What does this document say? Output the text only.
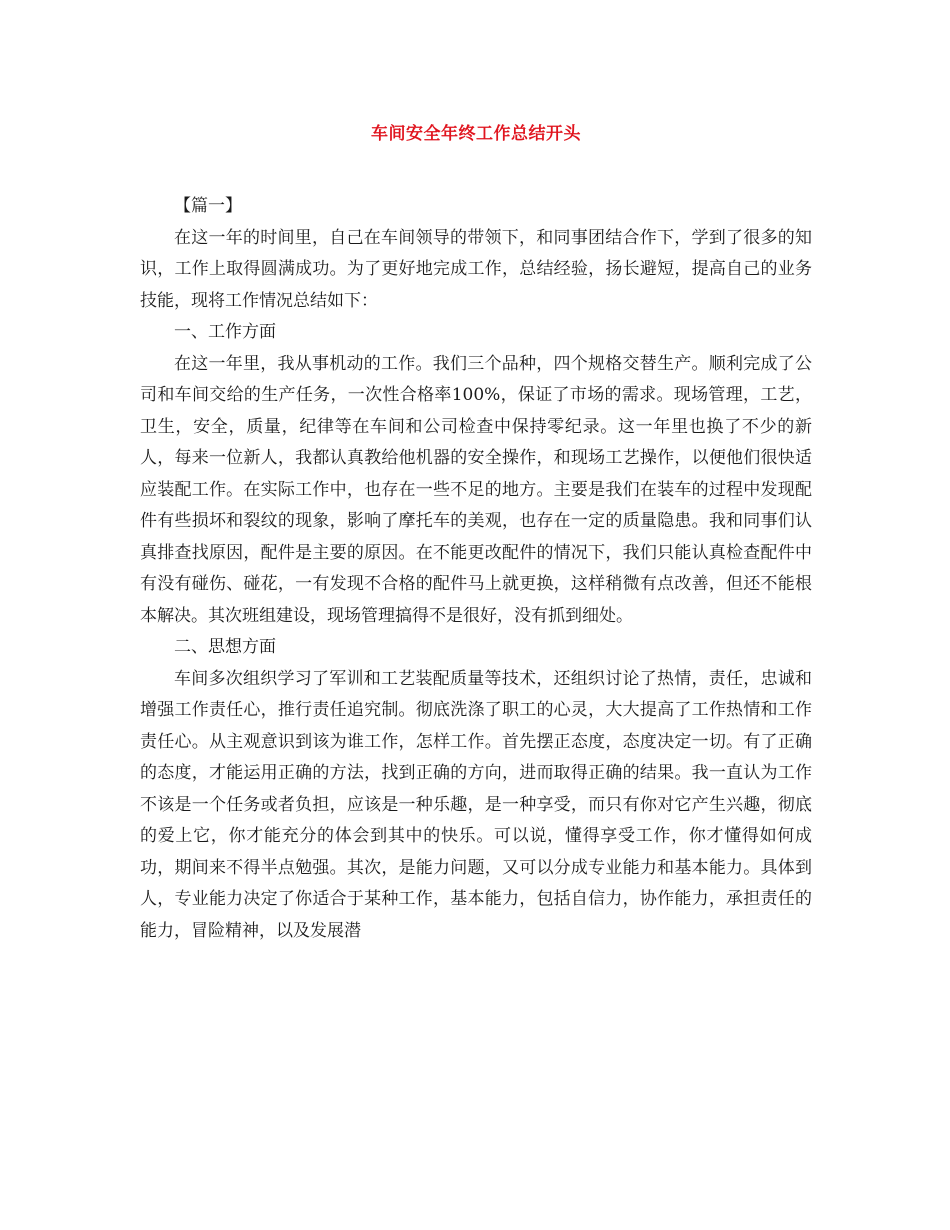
车间安全年终工作总结开头

【篇一】

在这一年的时间里，自己在车间领导的带领下，和同事团结合作下，学到了很多的知识，工作上取得圆满成功。为了更好地完成工作，总结经验，扬长避短，提高自己的业务技能，现将工作情况总结如下：

一、工作方面

在这一年里，我从事机动的工作。我们三个品种，四个规格交替生产。顺利完成了公司和车间交给的生产任务，一次性合格率100%，保证了市场的需求。现场管理，工艺，卫生，安全，质量，纪律等在车间和公司检查中保持零纪录。这一年里也换了不少的新人，每来一位新人，我都认真教给他机器的安全操作，和现场工艺操作，以便他们很快适应装配工作。在实际工作中，也存在一些不足的地方。主要是我们在装车的过程中发现配件有些损坏和裂纹的现象，影响了摩托车的美观，也存在一定的质量隐患。我和同事们认真排查找原因，配件是主要的原因。在不能更改配件的情况下，我们只能认真检查配件中有没有碰伤、碰花，一有发现不合格的配件马上就更换，这样稍微有点改善，但还不能根本解决。其次班组建设，现场管理搞得不是很好，没有抓到细处。

二、思想方面

车间多次组织学习了军训和工艺装配质量等技术，还组织讨论了热情，责任，忠诚和增强工作责任心，推行责任追究制。彻底洗涤了职工的心灵，大大提高了工作热情和工作责任心。从主观意识到该为谁工作，怎样工作。首先摆正态度，态度决定一切。有了正确的态度，才能运用正确的方法，找到正确的方向，进而取得正确的结果。我一直认为工作不该是一个任务或者负担，应该是一种乐趣，是一种享受，而只有你对它产生兴趣，彻底的爱上它，你才能充分的体会到其中的快乐。可以说，懂得享受工作，你才懂得如何成功，期间来不得半点勉强。其次，是能力问题，又可以分成专业能力和基本能力。具体到人，专业能力决定了你适合于某种工作，基本能力，包括自信力，协作能力，承担责任的能力，冒险精神，以及发展潜
